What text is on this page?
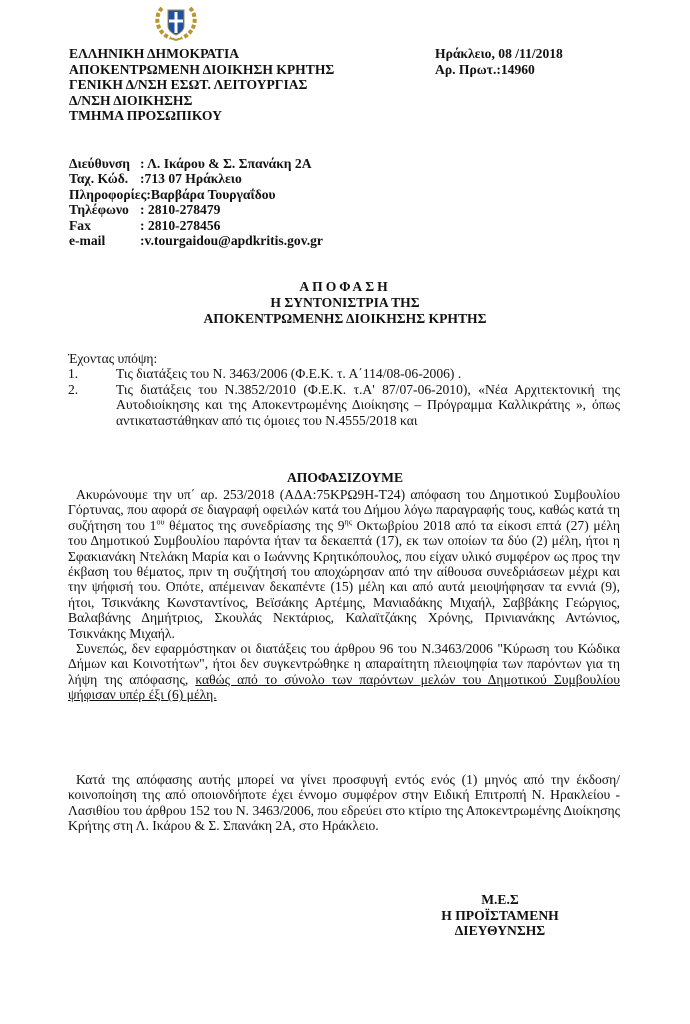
ΕΛΛΗΝΙΚΗ ΔΗΜΟΚΡΑΤΙΑ
ΑΠΟΚΕΝΤΡΩΜΕΝΗ ΔΙΟΙΚΗΣΗ ΚΡΗΤΗΣ
ΓΕΝΙΚΗ Δ/ΝΣΗ ΕΣΩΤ. ΛΕΙΤΟΥΡΓΙΑΣ
Δ/ΝΣΗ ΔΙΟΙΚΗΣΗΣ
ΤΜΗΜΑ ΠΡΟΣΩΠΙΚΟΥ
Ηράκλειο, 08 /11/2018
Αρ. Πρωτ.:14960
Διεύθυνση : Λ. Ικάρου & Σ. Σπανάκη 2Α
Ταχ. Κώδ. :713 07 Ηράκλειο
Πληροφορίες :Βαρβάρα Τουργαΐδου
Τηλέφωνο : 2810-278479
Fax	: 2810-278456
e-mail	:v.tourgaidou@apdkritis.gov.gr
ΑΠΟΦΑΣΗ
Η ΣΥΝΤΟΝΙΣΤΡΙΑ ΤΗΣ
ΑΠΟΚΕΝΤΡΩΜΕΝΗΣ ΔΙΟΙΚΗΣΗΣ ΚΡΗΤΗΣ
Έχοντας υπόψη:
1.	Τις διατάξεις του Ν. 3463/2006 (Φ.Ε.Κ. τ. Α΄114/08-06-2006) .
2.	Τις διατάξεις του Ν.3852/2010 (Φ.Ε.Κ. τ.Α' 87/07-06-2010), «Νέα Αρχιτεκτονική της Αυτοδιοίκησης και της Αποκεντρωμένης Διοίκησης – Πρόγραμμα Καλλικράτης », όπως αντικαταστάθηκαν από τις όμοιες του Ν.4555/2018 και
ΑΠΟΦΑΣΙΖΟΥΜΕ

Ακυρώνουμε την υπ΄ αρ. 253/2018 (ΑΔΑ:75ΚΡΩ9Η-Τ24) απόφαση του Δημοτικού Συμβουλίου Γόρτυνας, που αφορά σε διαγραφή οφειλών κατά του Δήμου λόγω παραγραφής τους, καθώς κατά τη συζήτηση του $1^{o\upsilon}$ θέματος της συνεδρίασης της $9^{\eta\varsigma}$ Οκτωβρίου 2018 από τα είκοσι επτά (27) μέλη του Δημοτικού Συμβουλίου παρόντα ήταν τα δεκαεπτά (17), εκ των οποίων τα δύο (2) μέλη, ήτοι η Σφακιανάκη Ντελάκη Μαρία και ο Ιωάννης Κρητικόπουλος, που είχαν υλικό συμφέρον ως προς την έκβαση του θέματος, πριν τη συζήτησή του αποχώρησαν από την αίθουσα συνεδριάσεων μέχρι και την ψήφισή του. Οπότε, απέμειναν δεκαπέντε (15) μέλη και από αυτά μειοψήφησαν τα εννιά (9), ήτοι, Τσικνάκης Κωνσταντίνος, Βεϊσάκης Αρτέμης, Μανιαδάκης Μιχαήλ, Σαββάκης Γεώργιος, Βαλαβάνης Δημήτριος, Σκουλάς Νεκτάριος, Καλαϊτζάκης Χρόνης, Πρινιανάκης Αντώνιος, Τσικνάκης Μιχαήλ.

Συνεπώς, δεν εφαρμόστηκαν οι διατάξεις του άρθρου 96 του Ν.3463/2006 "Κύρωση του Κώδικα Δήμων και Κοινοτήτων", ήτοι δεν συγκεντρώθηκε η απαραίτητη πλειοψηφία των παρόντων για τη λήψη της απόφασης, καθώς από το σύνολο των παρόντων μελών του Δημοτικού Συμβουλίου ψήφισαν υπέρ έξι (6) μέλη.

Κατά της απόφασης αυτής μπορεί να γίνει προσφυγή εντός ενός (1) μηνός από την έκδοση/κοινοποίηση της από οποιονδήποτε έχει έννομο συμφέρον στην Ειδική Επιτροπή Ν. Ηρακλείου - Λασιθίου του άρθρου 152 του Ν. 3463/2006, που εδρεύει στο κτίριο της Αποκεντρωμένης Διοίκησης Κρήτης στη Λ. Ικάρου & Σ. Σπανάκη 2Α, στο Ηράκλειο.

Μ.Ε.Σ
Η ΠΡΟΪΣΤΑΜΕΝΗ
ΔΙΕΥΘΥΝΣΗΣ
